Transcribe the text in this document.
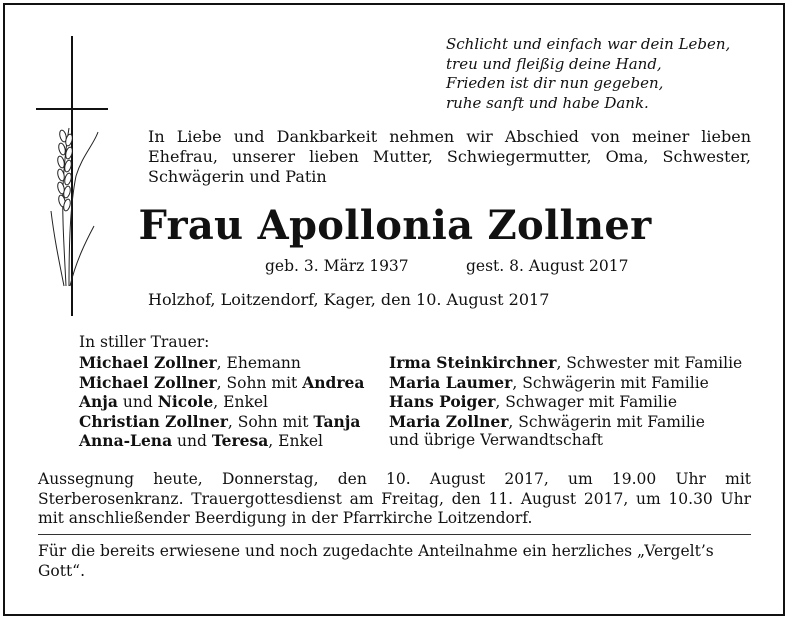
Schlicht und einfach war dein Leben,
treu und fleißig deine Hand,
Frieden ist dir nun gegeben,
ruhe sanft und habe Dank.
In Liebe und Dankbarkeit nehmen wir Abschied von meiner lieben Ehefrau, unserer lieben Mutter, Schwiegermutter, Oma, Schwester, Schwägerin und Patin
Frau Apollonia Zollner
geb. 3. März 1937	gest. 8. August 2017
Holzhof, Loitzendorf, Kager, den 10. August 2017
In stiller Trauer:
Michael Zollner, Ehemann
Michael Zollner, Sohn mit Andrea
Anja und Nicole, Enkel
Christian Zollner, Sohn mit Tanja
Anna-Lena und Teresa, Enkel
Irma Steinkirchner, Schwester mit Familie
Maria Laumer, Schwägerin mit Familie
Hans Poiger, Schwager mit Familie
Maria Zollner, Schwägerin mit Familie
und übrige Verwandtschaft
Aussegnung heute, Donnerstag, den 10. August 2017, um 19.00 Uhr mit Sterberosenkranz. Trauergottesdienst am Freitag, den 11. August 2017, um 10.30 Uhr mit anschließender Beerdigung in der Pfarrkirche Loitzendorf.
Für die bereits erwiesene und noch zugedachte Anteilnahme ein herzliches „Vergelt’s Gott“.
